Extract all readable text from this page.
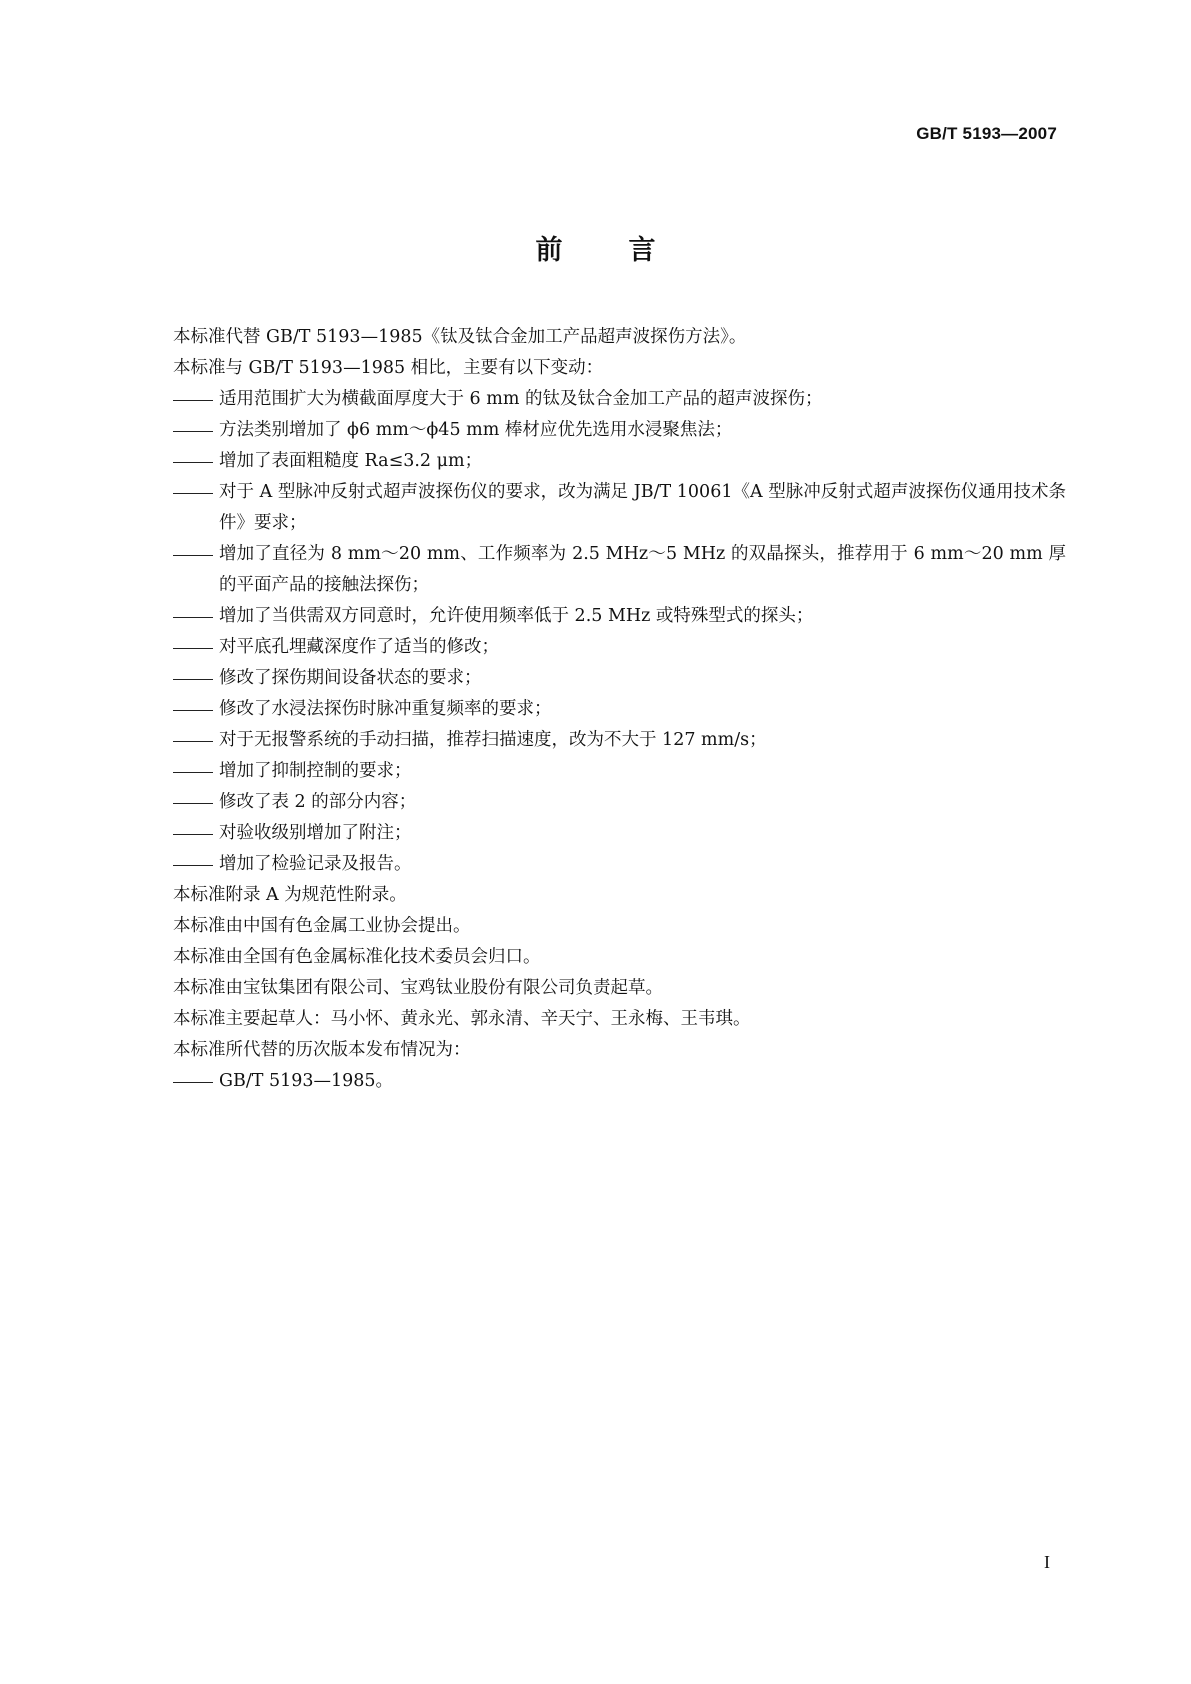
GB/T 5193—2007
前 言
本标准代替 GB/T 5193—1985《钛及钛合金加工产品超声波探伤方法》。
本标准与 GB/T 5193—1985 相比，主要有以下变动：
适用范围扩大为横截面厚度大于 6 mm 的钛及钛合金加工产品的超声波探伤；
方法类别增加了 ϕ6 mm～ϕ45 mm 棒材应优先选用水浸聚焦法；
增加了表面粗糙度 Ra≤3.2 μm；
对于 A 型脉冲反射式超声波探伤仪的要求，改为满足 JB/T 10061《A 型脉冲反射式超声波探伤仪通用技术条件》要求；
增加了直径为 8 mm～20 mm、工作频率为 2.5 MHz～5 MHz 的双晶探头，推荐用于 6 mm～20 mm 厚的平面产品的接触法探伤；
增加了当供需双方同意时，允许使用频率低于 2.5 MHz 或特殊型式的探头；
对平底孔埋藏深度作了适当的修改；
修改了探伤期间设备状态的要求；
修改了水浸法探伤时脉冲重复频率的要求；
对于无报警系统的手动扫描，推荐扫描速度，改为不大于 127 mm/s；
增加了抑制控制的要求；
修改了表 2 的部分内容；
对验收级别增加了附注；
增加了检验记录及报告。
本标准附录 A 为规范性附录。
本标准由中国有色金属工业协会提出。
本标准由全国有色金属标准化技术委员会归口。
本标准由宝钛集团有限公司、宝鸡钛业股份有限公司负责起草。
本标准主要起草人：马小怀、黄永光、郭永清、辛天宁、王永梅、王韦琪。
本标准所代替的历次版本发布情况为：
GB/T 5193—1985。
I
